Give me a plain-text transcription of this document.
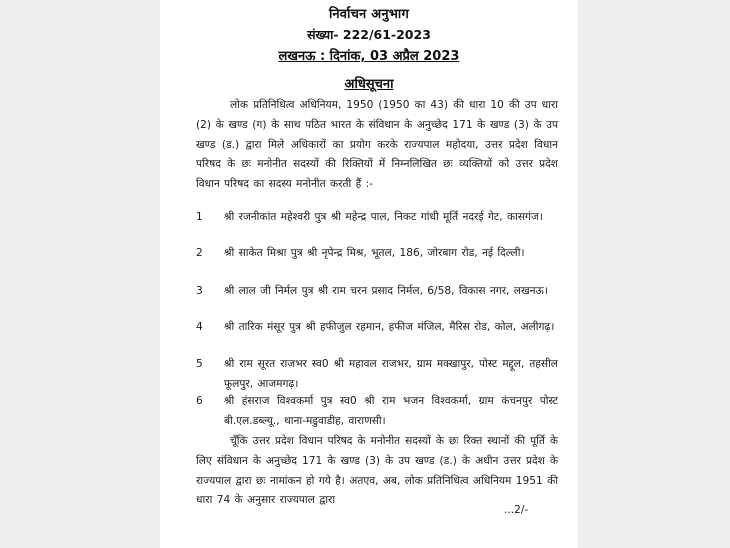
निर्वाचन अनुभाग
संख्या- 222/61-2023
लखनऊ : दिनांक, 03 अप्रैल 2023
अधिसूचना
लोक प्रतिनिधित्व अधिनियम, 1950 (1950 का 43) की धारा 10 की उप धारा (2) के खण्ड (ग) के साथ पठित भारत के संविधान के अनुच्छेद 171 के खण्ड (3) के उप खण्ड (ड.) द्वारा मिले अधिकारों का प्रयोग करके राज्यपाल महोदया, उत्तर प्रदेश विधान परिषद के छः मनोनीत सदस्यों की रिक्तियों में निम्नलिखित छः व्यक्तियों को उत्तर प्रदेश विधान परिषद का सदस्य मनोनीत करती हैं :-
1 श्री रजनीकांत महेश्वरी पुत्र श्री महेन्द्र पाल, निकट गांधी मूर्ति नदरई गेट, कासगंज।
2 श्री साकेत मिश्रा पुत्र श्री नृपेन्द्र मिश्र, भूतल, 186, जोरबाग रोड, नई दिल्ली।
3 श्री लाल जी निर्मल पुत्र श्री राम चरन प्रसाद निर्मल, 6/58, विकास नगर, लखनऊ।
4 श्री तारिक मंसूर पुत्र श्री हफीजुल रहमान, हफीज मंजिल, मैरिस रोड, कोल, अलीगढ़।
5 श्री राम सूरत राजभर स्व0 श्री महावल राजभर, ग्राम मक्खापुर, पोस्ट मद्दूल, तहसील फूलपुर, आजमगढ़।
6 श्री हंसराज विश्वकर्मा पुत्र स्व0 श्री राम भजन विश्वकर्मा, ग्राम कंचनपुर पोस्ट बी.एल.डब्ल्यू., थाना-मडुवाडीह, वाराणसी।
चूँकि उत्तर प्रदेश विधान परिषद के मनोनीत सदस्यों के छः रिक्त स्थानों की पूर्ति के लिए संविधान के अनुच्छेद 171 के खण्ड (3) के उप खण्ड (ड.) के अधीन उत्तर प्रदेश के राज्यपाल द्वारा छः नामांकन हो गये है। अतएव, अब, लोक प्रतिनिधित्व अधिनियम 1951 की धारा 74 के अनुसार राज्यपाल द्वारा
...2/-
